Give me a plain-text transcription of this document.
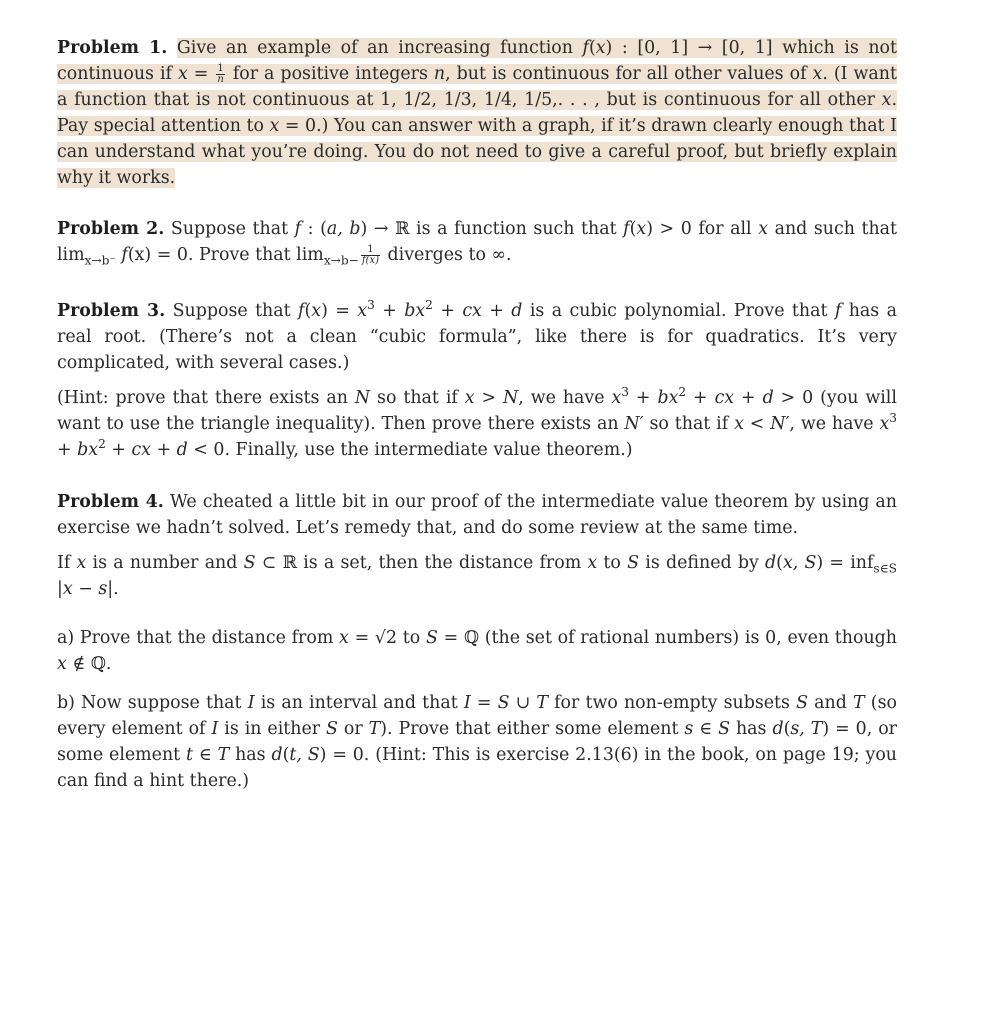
Problem 1. Give an example of an increasing function f(x) : [0, 1] → [0, 1] which is not continuous if $x = \frac{1}{n}$ for a positive integers n, but is continuous for all other values of x. (I want a function that is not continuous at 1, 1/2, 1/3, 1/4, 1/5,. . . , but is continuous for all other x. Pay special attention to x = 0.) You can answer with a graph, if it’s drawn clearly enough that I can understand what you’re doing. You do not need to give a careful proof, but briefly explain why it works.
Problem 2. Suppose that f : (a, b) → ℝ is a function such that f(x) > 0 for all x and such that $\lim_{x\to b^-} f(x) = 0$. Prove that $\lim_{x\to b-} \frac{1}{f(x)}$ diverges to ∞.
Problem 3. Suppose that $f(x) = x^3 + bx^2$ + cx + d is a cubic polynomial. Prove that f has a real root. (There’s not a clean “cubic formula”, like there is for quadratics. It’s very complicated, with several cases.)
(Hint: prove that there exists an N so that if x > N, we have $x^3 + bx^2$ + cx + d > 0 (you will want to use the triangle inequality). Then prove there exists an N′ so that if x < N′, we have $x^3 + bx^2$ + cx + d < 0. Finally, use the intermediate value theorem.)
Problem 4. We cheated a little bit in our proof of the intermediate value theorem by using an exercise we hadn’t solved. Let’s remedy that, and do some review at the same time.
If x is a number and S ⊂ ℝ is a set, then the distance from x to S is defined by d(x, S) = inf$_{s\in S}$ |x − s|.
a) Prove that the distance from x = √2 to S = ℚ (the set of rational numbers) is 0, even though x ∉ ℚ.
b) Now suppose that I is an interval and that I = S ∪ T for two non-empty subsets S and T (so every element of I is in either S or T). Prove that either some element s ∈ S has d(s, T) = 0, or some element t ∈ T has d(t, S) = 0. (Hint: This is exercise 2.13(6) in the book, on page 19; you can find a hint there.)
